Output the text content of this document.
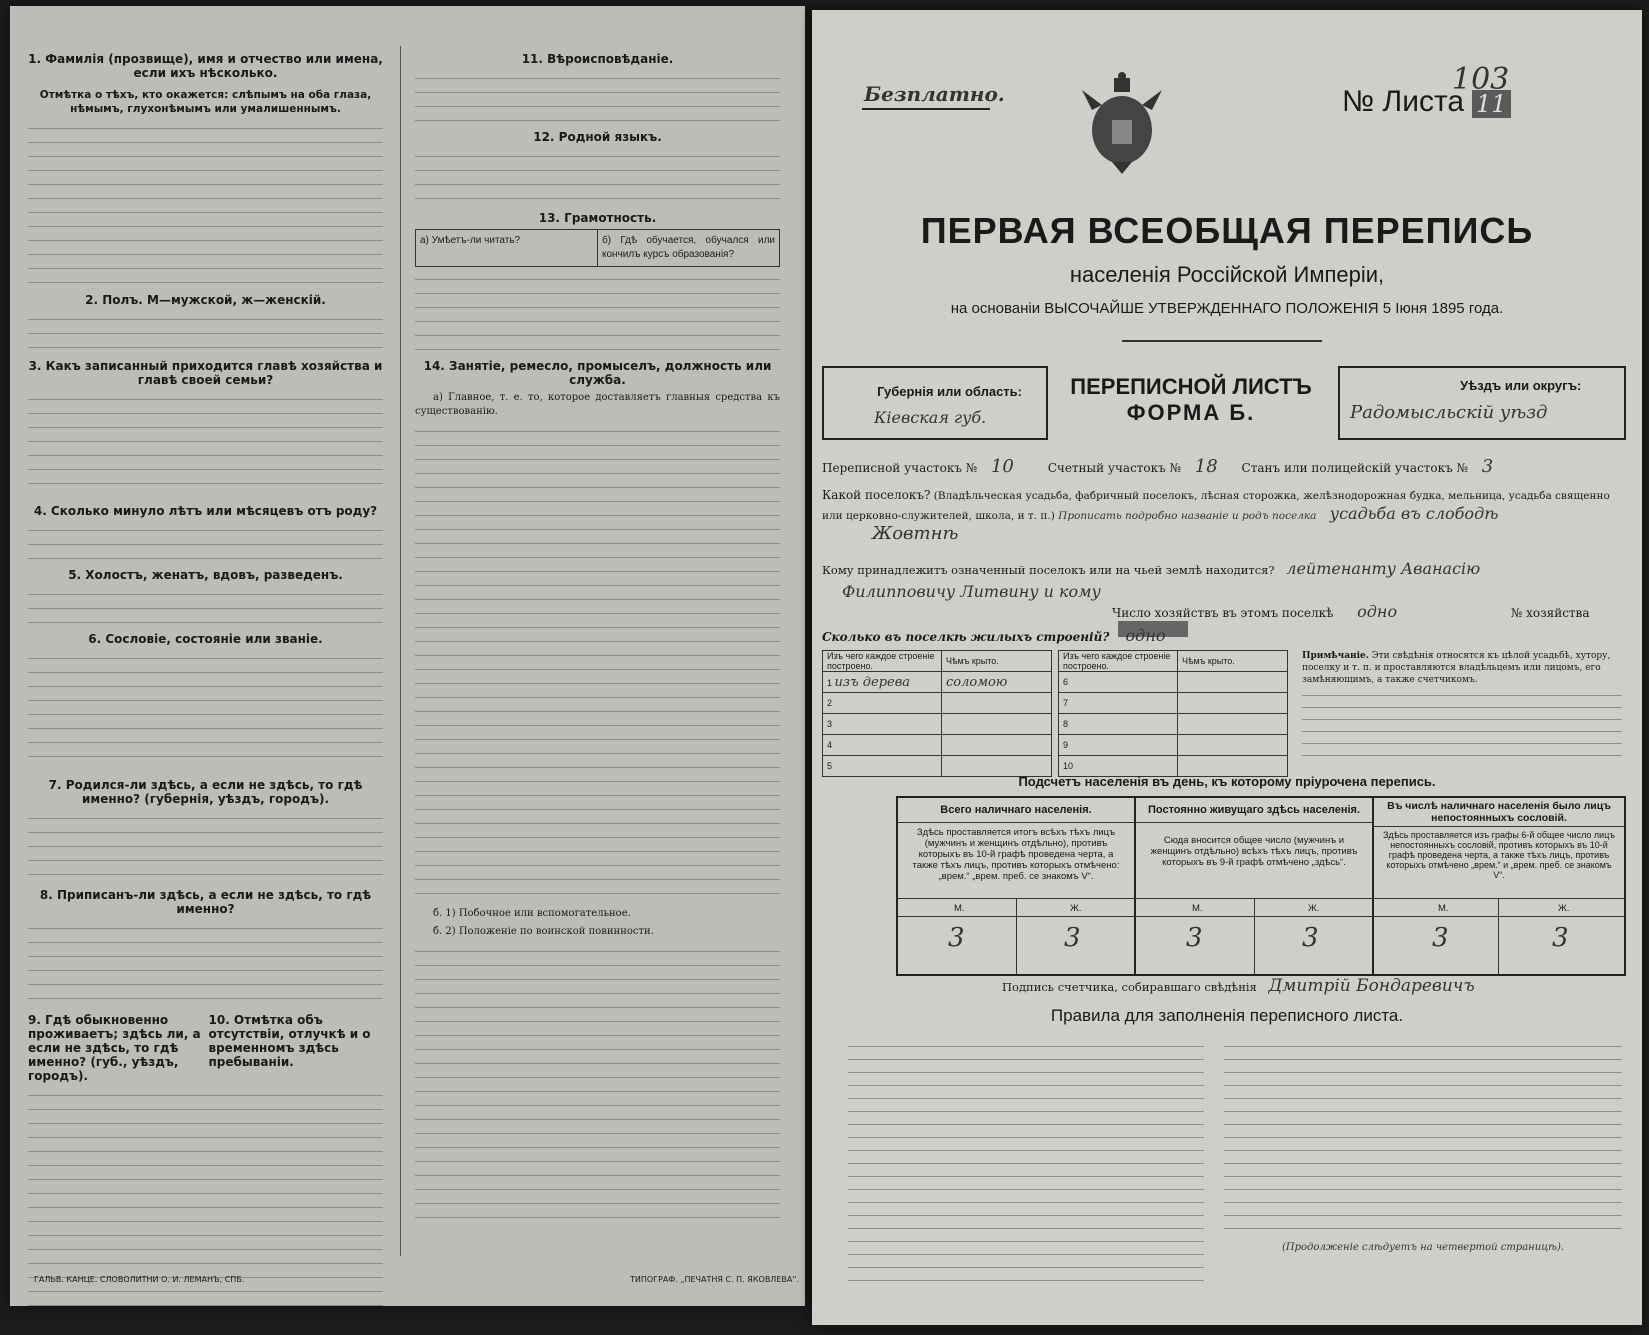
1. Фамилія (прозвище), имя и отчество или имена, если ихъ нѣсколько.
Отмѣтка о тѣхъ, кто окажется: слѣпымъ на оба глаза, нѣмымъ, глухонѣмымъ или умалишеннымъ.
2. Полъ. М—мужской, ж—женскій.
3. Какъ записанный приходится главѣ хозяйства и главѣ своей семьи?
4. Сколько минуло лѣтъ или мѣсяцевъ отъ роду?
5. Холостъ, женатъ, вдовъ, разведенъ.
6. Сословіе, состояніе или званіе.
7. Родился-ли здѣсь, а если не здѣсь, то гдѣ именно? (губернія, уѣздъ, городъ).
8. Приписанъ-ли здѣсь, а если не здѣсь, то гдѣ именно?
9. Гдѣ обыкновенно проживаетъ; здѣсь ли, а если не здѣсь, то гдѣ именно? (губ., уѣздъ, городъ).
10. Отмѣтка объ отсутствіи, отлучкѣ и о временномъ здѣсь пребываніи.
11. Вѣроисповѣданіе.
12. Родной языкъ.
13. Грамотность.
а) Умѣетъ-ли читать?	б) Гдѣ обучается, обучался или кончилъ курсъ образованія?
14. Занятіе, ремесло, промыселъ, должность или служба.

а) Главное, т. е. то, которое доставляетъ главныя средства къ существованію.

б. 1) Побочное или вспомогательное.

б. 2) Положеніе по воинской повинности.

ГАЛЬВ. КАНЦЕ. СЛОВОЛИТНИ О. И. ЛЕМАНЪ, СПБ.	ТИПОГРАФ. „ПЕЧАТНЯ С. П. ЯКОВЛЕВА“.
Безплатно.	№ Листа 11
103
ПЕРВАЯ ВСЕОБЩАЯ ПЕРЕПИСЬ
населенія Россійской Имперіи,
на основаніи ВЫСОЧАЙШЕ УТВЕРЖДЕННАГО ПОЛОЖЕНІЯ 5 Іюня 1895 года.
Губернія или область:
Кіевская губ.
ПЕРЕПИСНОЙ ЛИСТЪ
ФОРМА Б.
Уѣздъ или округъ:
Радомысльскій уѣзд
Переписной участокъ № 10	Счетный участокъ № 18 Станъ или полицейскій участокъ № 3
Какой поселокъ? (Владѣльческая усадьба, фабричный поселокъ, лѣсная сторожка, желѣзнодорожная будка, мельница, усадьба священно или церковно-служителей, школа, и т. п.) Прописать подробно названіе и родъ поселка усадьба въ слободѣ
Жовтнѣ
Кому принадлежитъ означенный поселокъ или на чьей землѣ находится? лейтенанту Аванасію
Филипповичу Литвину и кому
Число хозяйствъ въ этомъ поселкѣ одно	№ хозяйства
Сколько въ поселкѣ жилыхъ строеній? одно
Изъ чего каждое строеніе построено.	Чѣмъ крыто.
1 изъ дерева	соломою
2	
3	
4	
5	
Изъ чего каждое строеніе построено.	Чѣмъ крыто.
6	
7	
8	
9	
10	
Примѣчаніе. Эти свѣдѣнія относятся къ цѣлой усадьбѣ, хутору, поселку и т. п. и проставляются владѣльцемъ или лицомъ, его замѣняющимъ, а также счетчикомъ.
Подсчетъ населенія въ день, къ которому пріурочена перепись.
Всего наличнаго населенія.
Здѣсь проставляется итогъ всѣхъ тѣхъ лицъ (мужчинъ и женщинъ отдѣльно), противъ которыхъ въ 10-й графѣ проведена черта, а также тѣхъ лицъ, противъ которыхъ отмѣчено: „врем.“ „врем. преб. се знакомъ V“.
Постоянно живущаго здѣсь населенія.
Сюда вносится общее число (мужчинъ и женщинъ отдѣльно) всѣхъ тѣхъ лицъ, противъ которыхъ въ 9-й графѣ отмѣчено „здѣсь“.
Въ числѣ наличнаго населенія было лицъ непостоянныхъ сословій.
Здѣсь проставляется изъ графы 6-й общее число лицъ непостоянныхъ сословій, противъ которыхъ въ 10-й графѣ проведена черта, а также тѣхъ лицъ, противъ которыхъ отмѣчено „врем.“ и „врем. преб. се знакомъ V“.
М.	Ж.	М.	Ж.	М.	Ж.
3	3	3	3	3	3
Подпись счетчика, собиравшаго свѣдѣнія Дмитрій Бондаревичъ
Правила для заполненія переписного листа.
(Продолженіе слѣдуетъ на четвертой страницѣ).
